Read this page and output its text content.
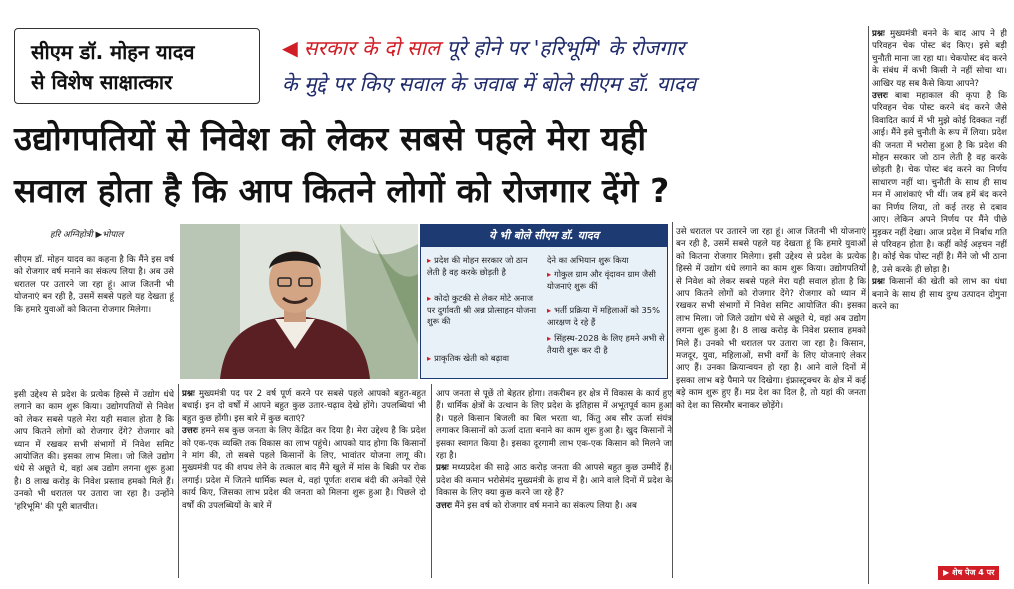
सीएम डॉ. मोहन यादव
से विशेष साक्षात्कार
◀ सरकार के दो साल पूरे होने पर 'हरिभूमि' के रोजगार
के मुद्दे पर किए सवाल के जवाब में बोले सीएम डॉ. यादव
उद्योगपतियों से निवेश को लेकर सबसे पहले मेरा यही
सवाल होता है कि आप कितने लोगों को रोजगार देंगे ?
हरि अग्निहोत्री ▶भोपाल
सीएम डॉ. मोहन यादव का कहना है कि मैंने इस वर्ष को रोजगार वर्ष मनाने का संकल्प लिया है। अब उसे धरातल पर उतारने जा रहा हूं। आज जितनी भी योजनाएं बन रही है, उसमें सबसे पहले यह देखता हूं कि हमारे युवाओं को कितना रोजगार मिलेगा।
इसी उद्देश्य से प्रदेश के प्रत्येक हिस्से में उद्योग धंधे लगाने का काम शुरू किया। उद्योगपतियों से निवेश को लेकर सबसे पहले मेरा यही सवाल होता है कि आप कितने लोगों को रोजगार देंगे? रोजगार को ध्यान में रखकर सभी संभागों में निवेश समिट आयोजित की। इसका लाभ मिला। जो जिले उद्योग धंधे से अछूते थे, वहां अब उद्योग लगना शुरू हुआ है। 8 लाख करोड़ के निवेश प्रस्ताव हमको मिले हैं। उनको भी धरातल पर उतारा जा रहा है। उन्होंने 'हरिभूमि' की पूरी बातचीत।
ये भी बोले सीएम डॉ. यादव
▸ प्रदेश की मोहन सरकार जो ठान लेती है वह करके छोड़ती है
▸ कोदो कुटकी से लेकर मोटे अनाज पर दुर्गावती श्री अन्न प्रोत्साहन योजना शुरू की
▸ प्राकृतिक खेती को बढ़ावा
देने का अभियान शुरू किया
▸ गोकुल ग्राम और वृंदावन ग्राम जैसी योजनाएं शुरू कीं
▸ भर्ती प्रक्रिया में महिलाओं को 35% आरक्षण दे रहे हैं
▸ सिंहस्थ-2028 के लिए हमने अभी से तैयारी शुरू कर दी है
प्रश्नः मुख्यमंत्री पद पर 2 वर्ष पूर्ण करने पर सबसे पहले आपको बहुत-बहुत बधाई। इन दो वर्षों में आपने बहुत कुछ उतार-चढ़ाव देखे होंगे। उपलब्धियां भी बहुत कुछ होंगी। इस बारे में कुछ बताएं?
उत्तरः हमने सब कुछ जनता के लिए केंद्रित कर दिया है। मेरा उद्देश्य है कि प्रदेश को एक-एक व्यक्ति तक विकास का लाभ पहुंचे। आपको याद होगा कि किसानों ने मांग की, तो सबसे पहले किसानों के लिए, भावांतर योजना लागू की। मुख्यमंत्री पद की शपथ लेने के तत्काल बाद मैंने खुले में मांस के बिक्री पर रोक लगाई। प्रदेश में जितने धार्मिक स्थल थे, वहां पूर्णतः शराब बंदी की अनेकों ऐसे कार्य किए, जिसका लाभ प्रदेश की जनता को मिलना शुरू हुआ है। पिछले दो वर्षों की उपलब्धियों के बारे में
आप जनता से पूछें तो बेहतर होगा। तकरीबन हर क्षेत्र में विकास के कार्य हुए हैं। धार्मिक क्षेत्रों के उत्थान के लिए प्रदेश के इतिहास में अभूतपूर्व काम हुआ है। पहले किसान बिजली का बिल भरता था, किंतु अब सौर ऊर्जा संयंत्र लगाकर किसानों को ऊर्जा दाता बनाने का काम शुरू हुआ है। खुद किसानों ने इसका स्वागत किया है। इसका दूरगामी लाभ एक-एक किसान को मिलने जा रहा है।
प्रश्नः मध्यप्रदेश की साढ़े आठ करोड़ जनता की आपसे बहुत कुछ उम्मीदें हैं। प्रदेश की कमान भरोसेमंद मुख्यमंत्री के हाथ में है। आने वाले दिनों में प्रदेश के विकास के लिए क्या कुछ करने जा रहे हैं?
उत्तरः मैंने इस वर्ष को रोजगार वर्ष मनाने का संकल्प लिया है। अब
उसे धरातल पर उतारने जा रहा हूं। आज जितनी भी योजनाएं बन रही है, उसमें सबसे पहले यह देखता हूं कि हमारे युवाओं को कितना रोजगार मिलेगा। इसी उद्देश्य से प्रदेश के प्रत्येक हिस्से में उद्योग धंधे लगाने का काम शुरू किया। उद्योगपतियों से निवेश को लेकर सबसे पहले मेरा यही सवाल होता है कि आप कितने लोगों को रोजगार देंगे? रोजगार को ध्यान में रखकर सभी संभागों में निवेश समिट आयोजित की। इसका लाभ मिला। जो जिले उद्योग धंधे से अछूते थे, वहां अब उद्योग लगना शुरू हुआ है। 8 लाख करोड़ के निवेश प्रस्ताव हमको मिले हैं। उनको भी धरातल पर उतारा जा रहा है। किसान, मजदूर, युवा, महिलाओं, सभी वर्गों के लिए योजनाएं लेकर आए हैं। उनका क्रियान्वयन हो रहा है। आने वाले दिनों में इसका लाभ बड़े पैमाने पर दिखेगा। इंफ्रास्ट्रक्चर के क्षेत्र में कई बड़े काम शुरू हुए हैं। मप्र देश का दिल है, तो यहां की जनता को देश का सिरमौर बनाकर छोड़ेंगे।
प्रश्नः मुख्यमंत्री बनने के बाद आप ने ही परिवहन चेक पोस्ट बंद किए। इसे बड़ी चुनौती माना जा रहा था। चेकपोस्ट बंद करने के संबंध में कभी किसी ने नहीं सोचा था। आखिर यह सब कैसे किया आपने?
उत्तरः बाबा महाकाल की कृपा है कि परिवहन चेक पोस्ट करने बंद करने जैसे विवादित कार्य में भी मुझे कोई दिक्कत नहीं आई। मैंने इसे चुनौती के रूप में लिया। प्रदेश की जनता में भरोसा हुआ है कि प्रदेश की मोहन सरकार जो ठान लेती है वह करके छोड़ती है। चेक पोस्ट बंद करने का निर्णय साधारण नहीं था। चुनौती के साथ ही साथ मन में आशंकाएं भी थीं। जब हमें बंद करने का निर्णय लिया, तो कई तरह से दबाव आए। लेकिन अपने निर्णय पर मैंने पीछे मुड़कर नहीं देखा। आज प्रदेश में निर्बाध गति से परिवहन होता है। कहीं कोई अड़चन नहीं है। कोई चेक पोस्ट नहीं है। मैंने जो भी ठाना है, उसे करके ही छोड़ा है।
प्रश्नः किसानों की खेती को लाभ का धंधा बनाने के साथ ही साथ दुग्ध उत्पादन दोगुना करने का
▶ शेष पेज 4 पर
